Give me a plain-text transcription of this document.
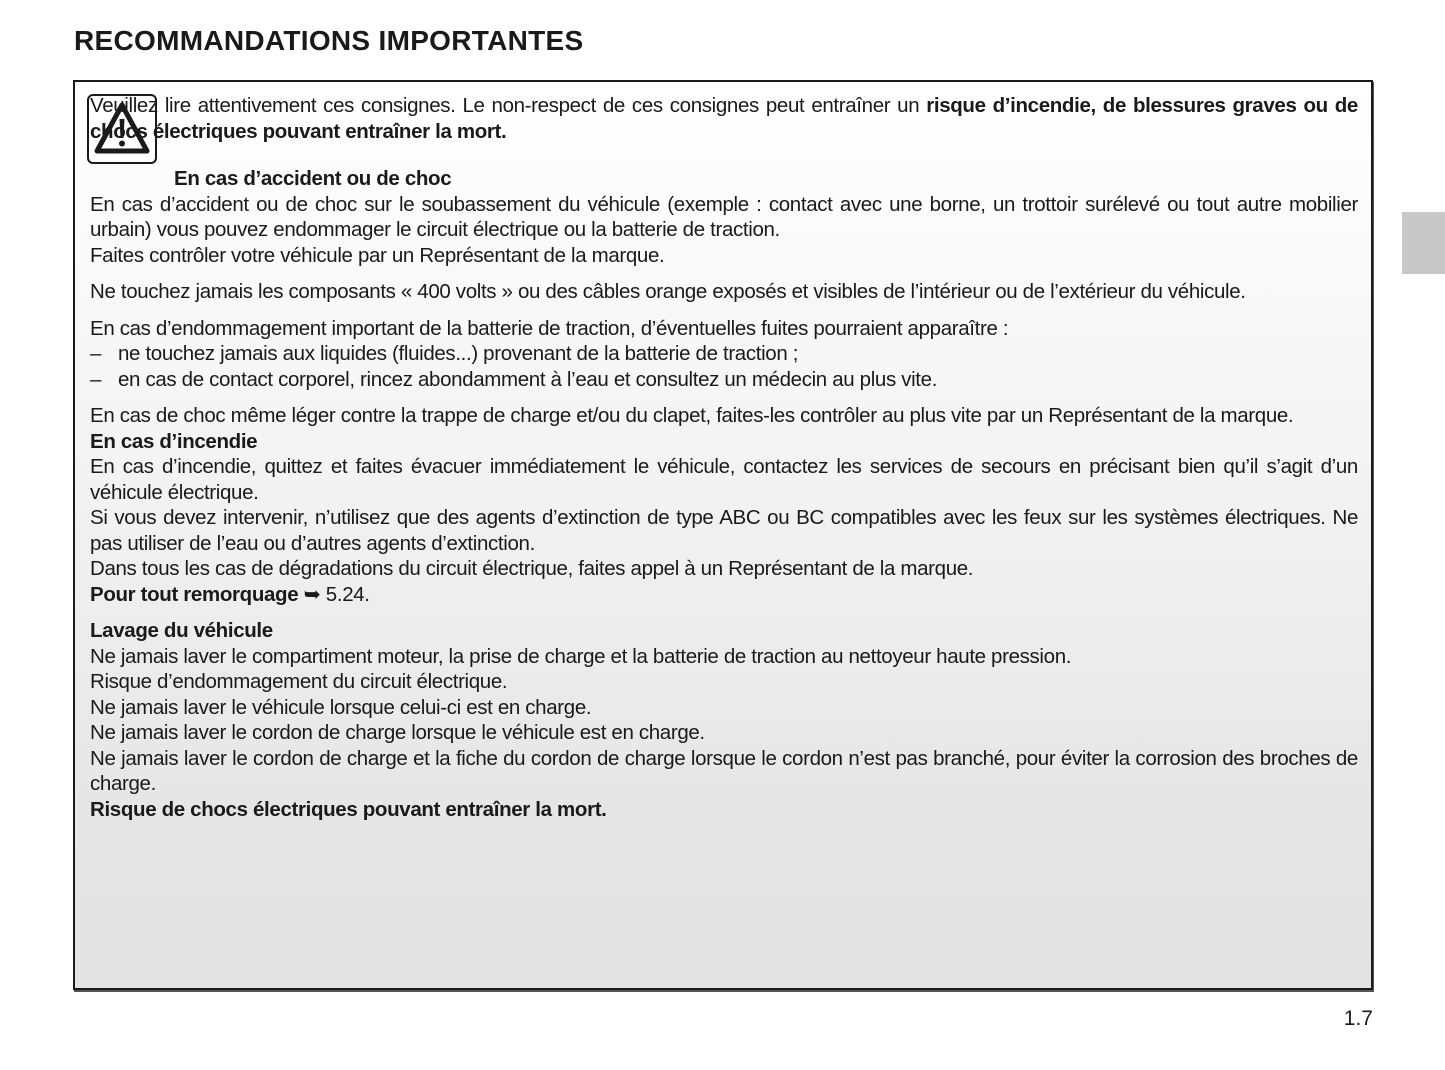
RECOMMANDATIONS IMPORTANTES

Veuillez lire attentivement ces consignes. Le non-respect de ces consignes peut entraîner un risque d’incendie, de blessures graves ou de chocs électriques pouvant entraîner la mort.

En cas d’accident ou de choc

En cas d’accident ou de choc sur le soubassement du véhicule (exemple : contact avec une borne, un trottoir surélevé ou tout autre mobilier urbain) vous pouvez endommager le circuit électrique ou la batterie de traction.

Faites contrôler votre véhicule par un Représentant de la marque.

Ne touchez jamais les composants « 400 volts » ou des câbles orange exposés et visibles de l’intérieur ou de l’extérieur du véhicule.

En cas d’endommagement important de la batterie de traction, d’éventuelles fuites pourraient apparaître :

– ne touchez jamais aux liquides (fluides...) provenant de la batterie de traction ;
– en cas de contact corporel, rincez abondamment à l’eau et consultez un médecin au plus vite.

En cas de choc même léger contre la trappe de charge et/ou du clapet, faites-les contrôler au plus vite par un Représentant de la marque.

En cas d’incendie

En cas d’incendie, quittez et faites évacuer immédiatement le véhicule, contactez les services de secours en précisant bien qu’il s’agit d’un véhicule électrique.

Si vous devez intervenir, n’utilisez que des agents d’extinction de type ABC ou BC compatibles avec les feux sur les systèmes électriques. Ne pas utiliser de l’eau ou d’autres agents d’extinction.

Dans tous les cas de dégradations du circuit électrique, faites appel à un Représentant de la marque.

Pour tout remorquage ➥ 5.24.

Lavage du véhicule

Ne jamais laver le compartiment moteur, la prise de charge et la batterie de traction au nettoyeur haute pression.

Risque d’endommagement du circuit électrique.

Ne jamais laver le véhicule lorsque celui-ci est en charge.

Ne jamais laver le cordon de charge lorsque le véhicule est en charge.

Ne jamais laver le cordon de charge et la fiche du cordon de charge lorsque le cordon n’est pas branché, pour éviter la corrosion des broches de charge.

Risque de chocs électriques pouvant entraîner la mort.

1.7
